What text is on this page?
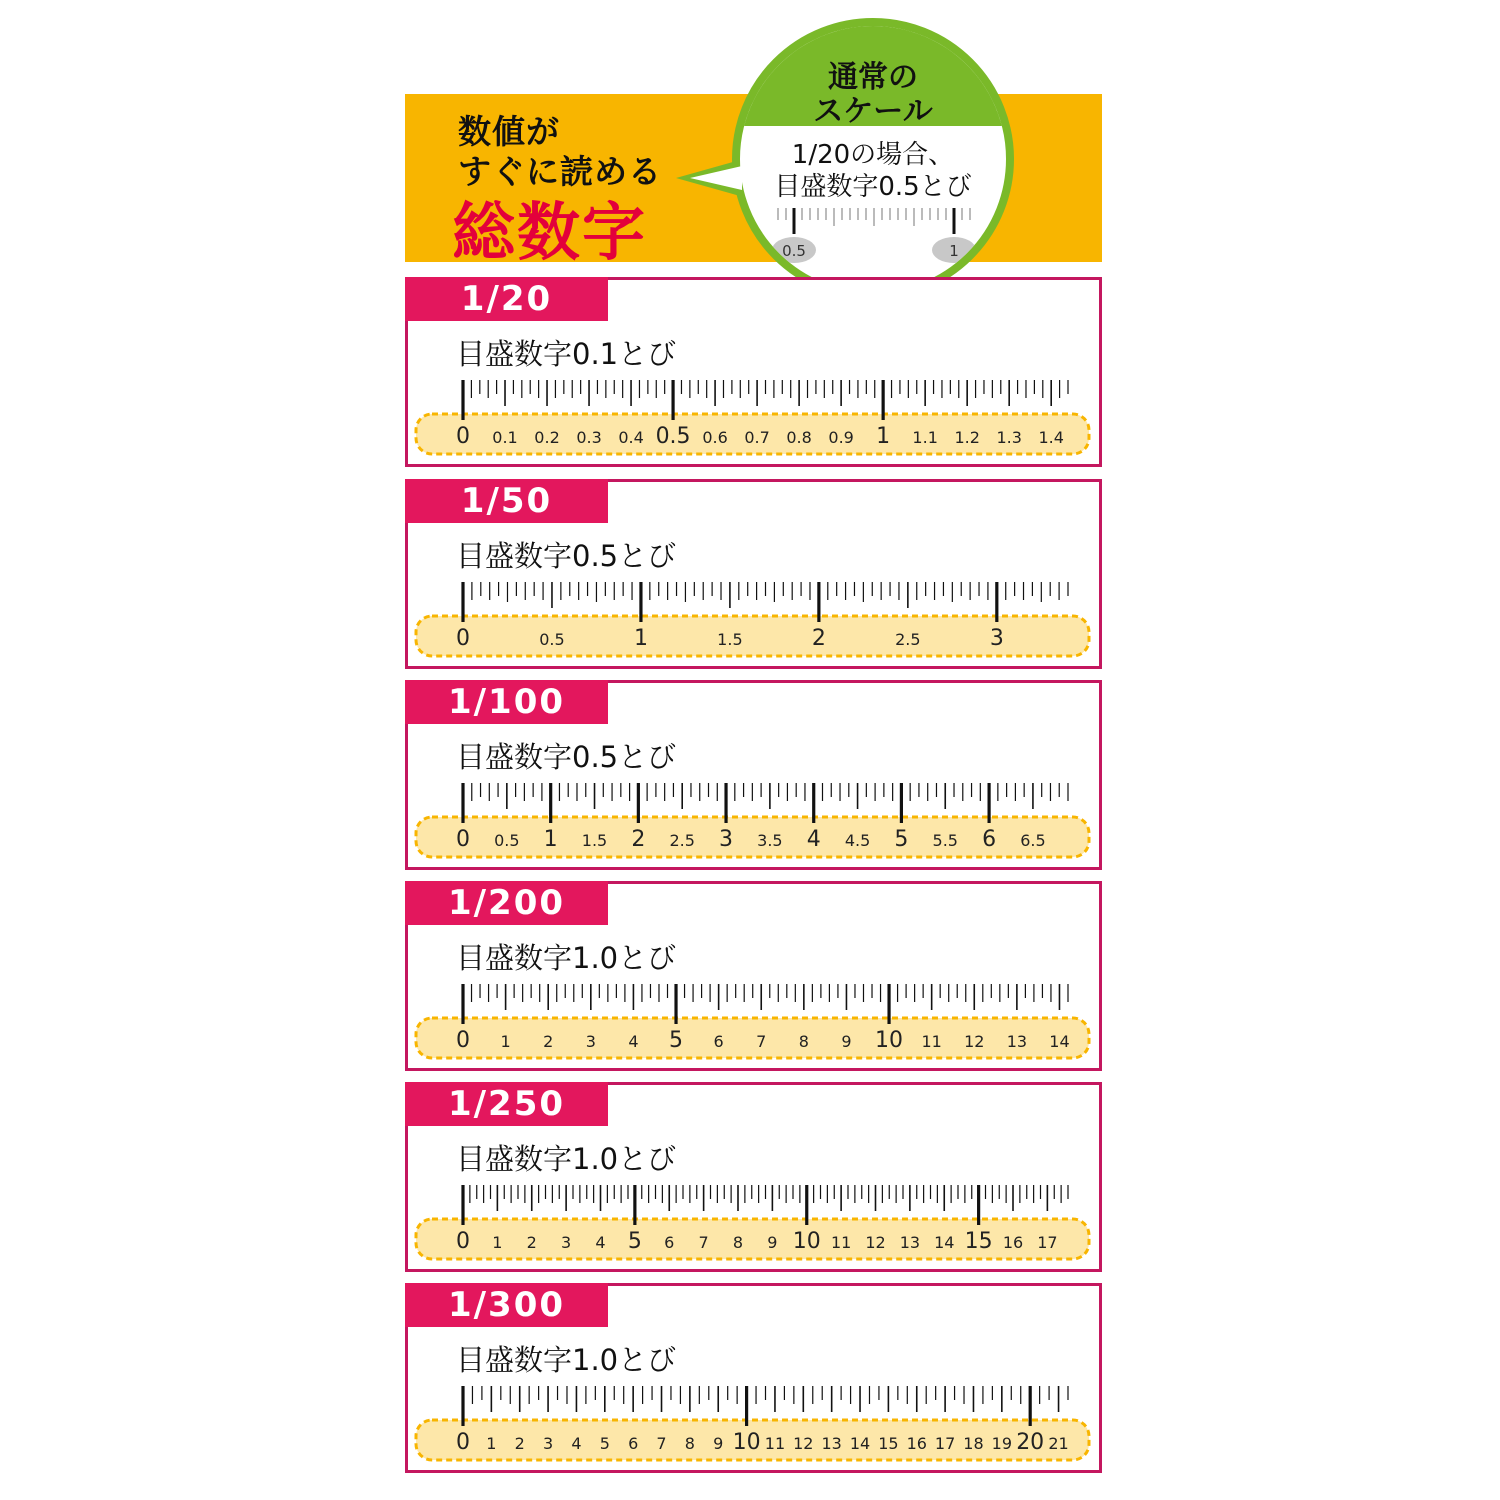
数値が
すぐに読める
総数字
通常の
スケール
1/20の場合、
目盛数字0.5とび
0.5	1
1/20
目盛数字0.1とび
0 0.1 0.2 0.3 0.4 0.5 0.6 0.7 0.8 0.9 1 1.1 1.2 1.3 1.4
1/50
目盛数字0.5とび
0	0.5	1	1.5	2	2.5	3
1/100
目盛数字0.5とび
0 0.5 1 1.5 2 2.5 3 3.5 4 4.5 5 5.5 6 6.5
1/200
目盛数字1.0とび
0 1 2 3 4 5 6 7 8 9 10 11 12 13 14
1/250
目盛数字1.0とび
0 1 2 3 4 5 6 7 8 9 10 11 12 13 14 15 16 17
1/300
目盛数字1.0とび
0 1 2 3 4 5 6 7 8 9 10 11 12 13 14 15 16 17 18 19 20 21
